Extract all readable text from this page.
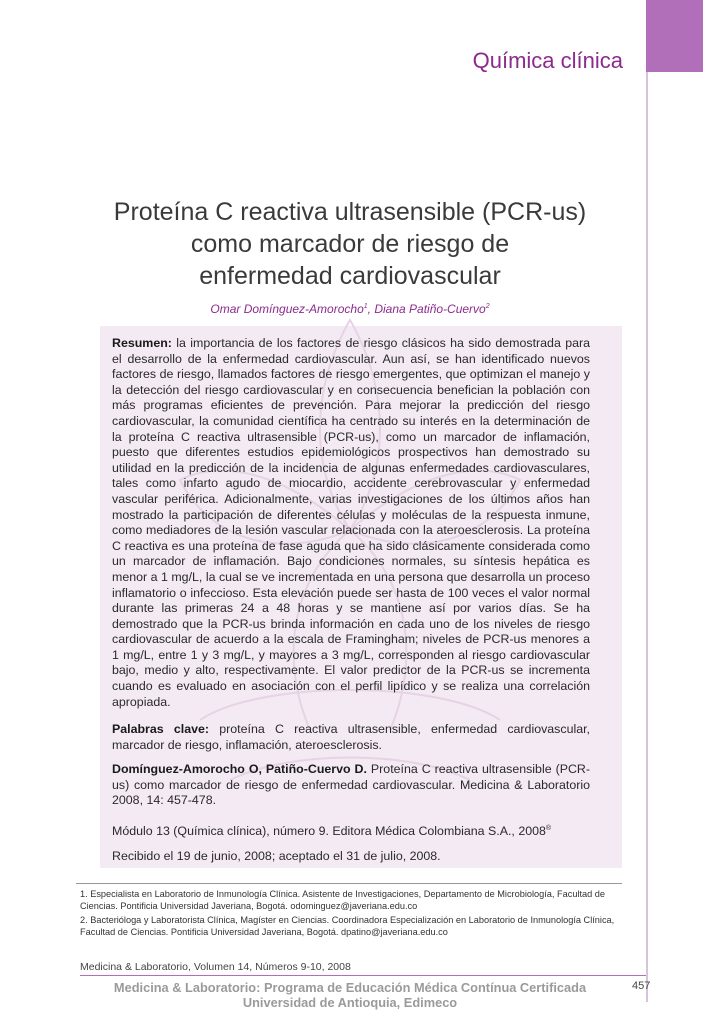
Química clínica
Proteína C reactiva ultrasensible (PCR-us)
como marcador de riesgo de
enfermedad cardiovascular
Omar Domínguez-Amorocho$^1$, Diana Patiño-Cuervo$^2$
Resumen: la importancia de los factores de riesgo clásicos ha sido demostrada para el desarrollo de la enfermedad cardiovascular. Aun así, se han identificado nuevos factores de riesgo, llamados factores de riesgo emergentes, que optimizan el manejo y la detección del riesgo cardiovascular y en consecuencia benefician la población con más programas eficientes de prevención. Para mejorar la predicción del riesgo cardiovascular, la comunidad científica ha centrado su interés en la determinación de la proteína C reactiva ultrasensible (PCR-us), como un marcador de inflamación, puesto que diferentes estudios epidemiológicos prospectivos han demostrado su utilidad en la predicción de la incidencia de algunas enfermedades cardiovasculares, tales como infarto agudo de miocardio, accidente cerebrovascular y enfermedad vascular periférica. Adicionalmente, varias investigaciones de los últimos años han mostrado la participación de diferentes células y moléculas de la respuesta inmune, como mediadores de la lesión vascular relacionada con la ateroesclerosis. La proteína C reactiva es una proteína de fase aguda que ha sido clásicamente considerada como un marcador de inflamación. Bajo condiciones normales, su síntesis hepática es menor a 1 mg/L, la cual se ve incrementada en una persona que desarrolla un proceso inflamatorio o infeccioso. Esta elevación puede ser hasta de 100 veces el valor normal durante las primeras 24 a 48 horas y se mantiene así por varios días. Se ha demostrado que la PCR-us brinda información en cada uno de los niveles de riesgo cardiovascular de acuerdo a la escala de Framingham; niveles de PCR-us menores a 1 mg/L, entre 1 y 3 mg/L, y mayores a 3 mg/L, corresponden al riesgo cardiovascular bajo, medio y alto, respectivamente. El valor predictor de la PCR-us se incrementa cuando es evaluado en asociación con el perfil lipídico y se realiza una correlación apropiada.
Palabras clave: proteína C reactiva ultrasensible, enfermedad cardiovascular, marcador de riesgo, inflamación, ateroesclerosis.
Domínguez-Amorocho O, Patiño-Cuervo D. Proteína C reactiva ultrasensible (PCR-us) como marcador de riesgo de enfermedad cardiovascular. Medicina & Laboratorio 2008, 14: 457-478.
Módulo 13 (Química clínica), número 9. Editora Médica Colombiana S.A., 2008®
Recibido el 19 de junio, 2008; aceptado el 31 de julio, 2008.
1. Especialista en Laboratorio de Inmunología Clínica. Asistente de Investigaciones, Departamento de Microbiología, Facultad de Ciencias. Pontificia Universidad Javeriana, Bogotá. odominguez@javeriana.edu.co
2. Bacterióloga y Laboratorista Clínica, Magíster en Ciencias. Coordinadora Especialización en Laboratorio de Inmunología Clínica, Facultad de Ciencias. Pontificia Universidad Javeriana, Bogotá. dpatino@javeriana.edu.co
Medicina & Laboratorio, Volumen 14, Números 9-10, 2008
Medicina & Laboratorio: Programa de Educación Médica Contínua Certificada
Universidad de Antioquia, Edimeco
457
